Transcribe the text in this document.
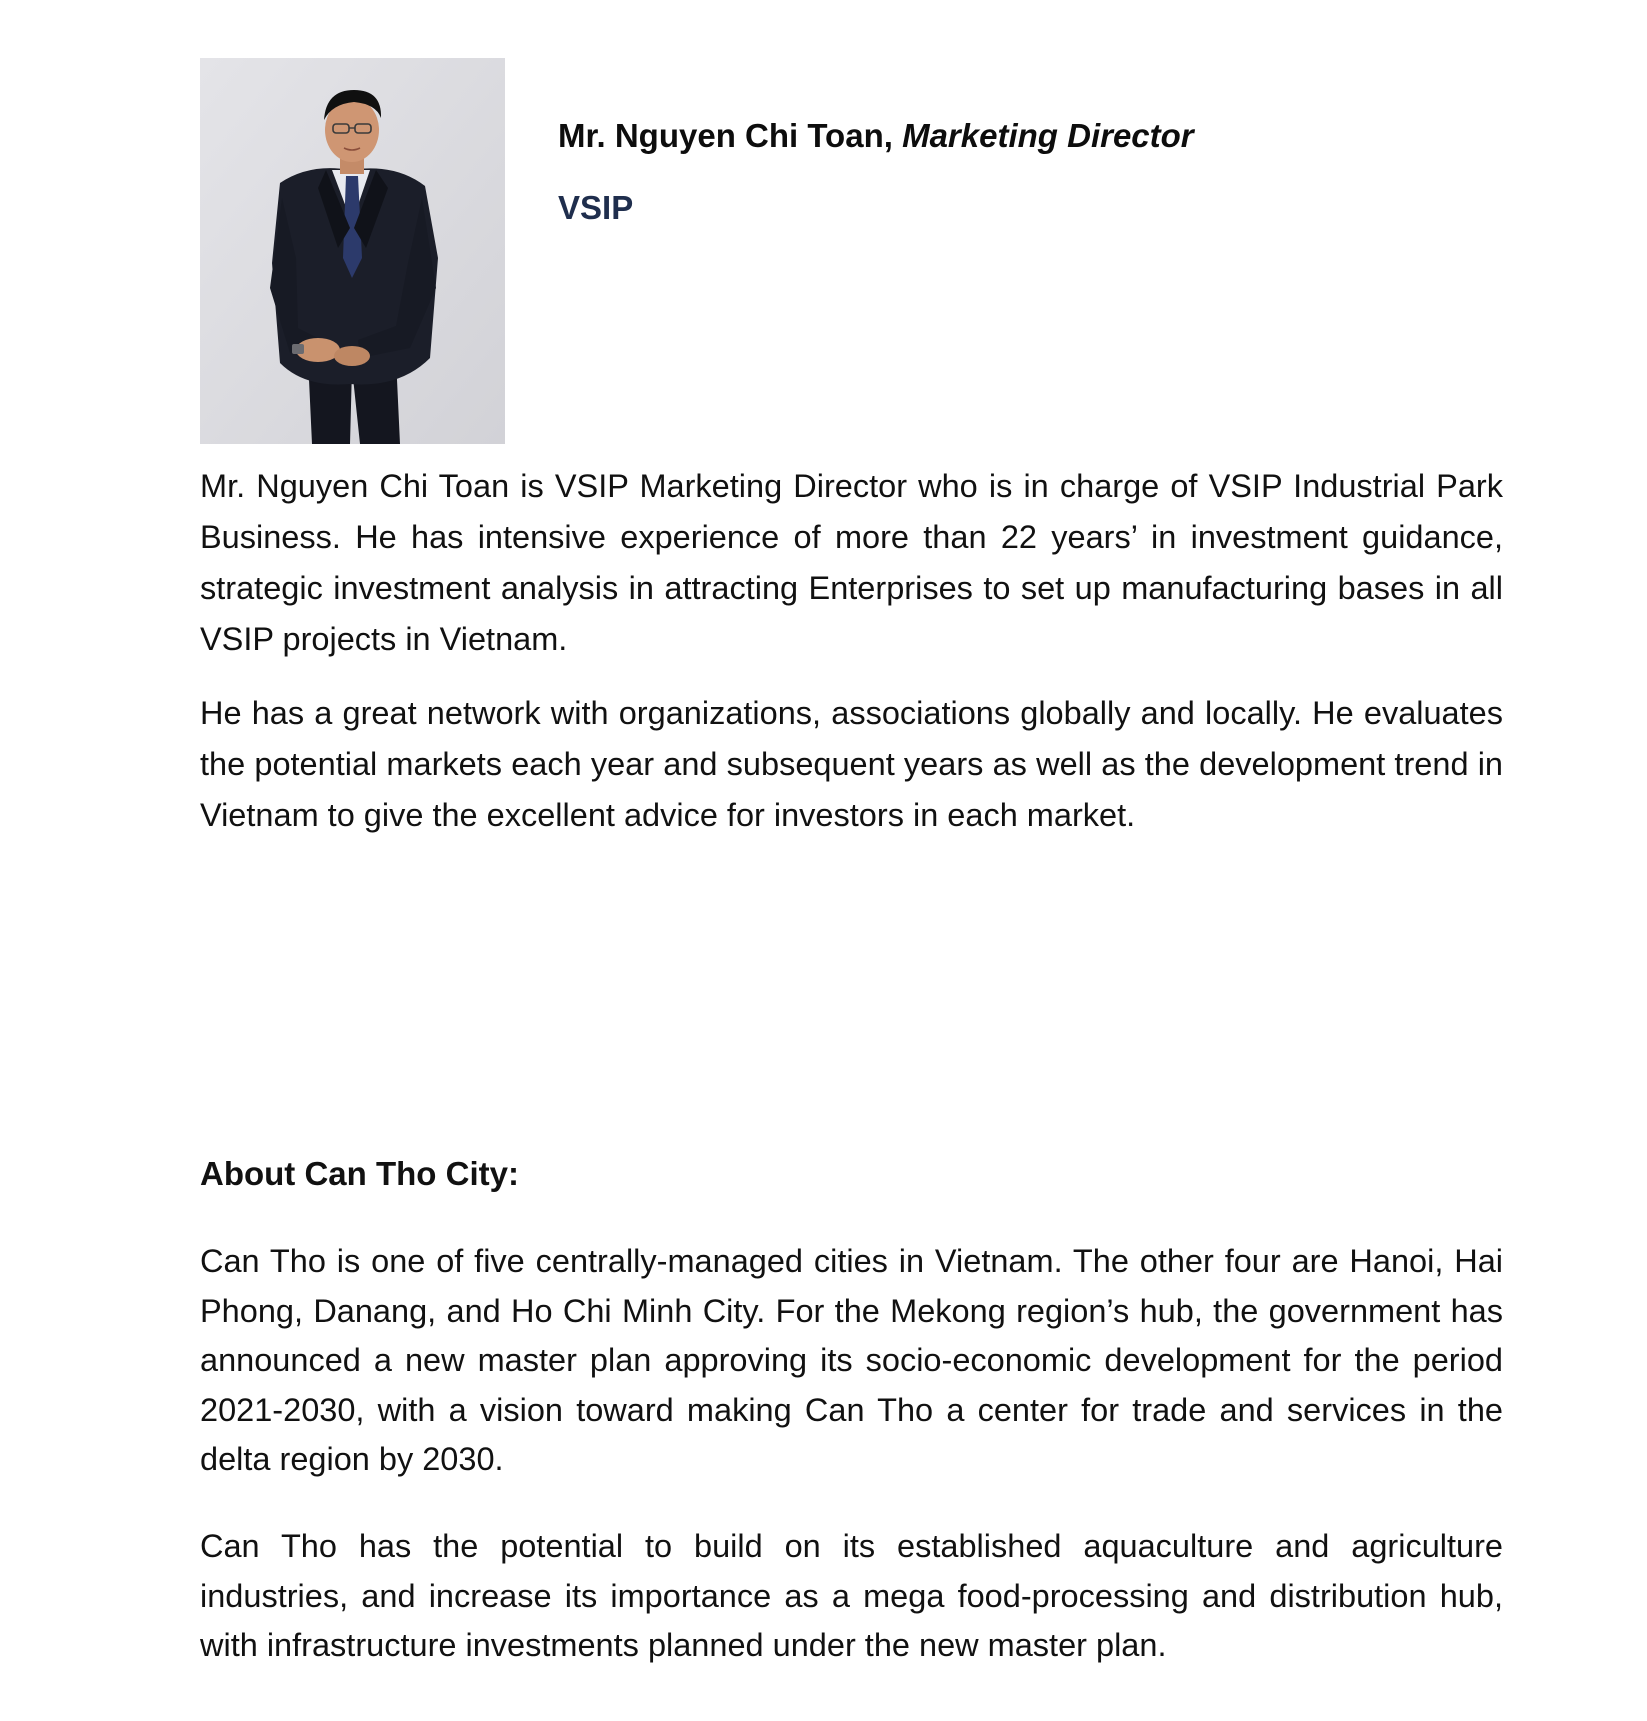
Mr. Nguyen Chi Toan, Marketing Director
VSIP

Mr. Nguyen Chi Toan is VSIP Marketing Director who is in charge of VSIP Industrial Park Business. He has intensive experience of more than 22 years’ in investment guidance, strategic investment analysis in attracting Enterprises to set up manufacturing bases in all VSIP projects in Vietnam.

He has a great network with organizations, associations globally and locally. He evaluates the potential markets each year and subsequent years as well as the development trend in Vietnam to give the excellent advice for investors in each market.

About Can Tho City:

Can Tho is one of five centrally-managed cities in Vietnam. The other four are Hanoi, Hai Phong, Danang, and Ho Chi Minh City. For the Mekong region’s hub, the government has announced a new master plan approving its socio-economic development for the period 2021-2030, with a vision toward making Can Tho a center for trade and services in the delta region by 2030.

Can Tho has the potential to build on its established aquaculture and agriculture industries, and increase its importance as a mega food-processing and distribution hub, with infrastructure investments planned under the new master plan.
